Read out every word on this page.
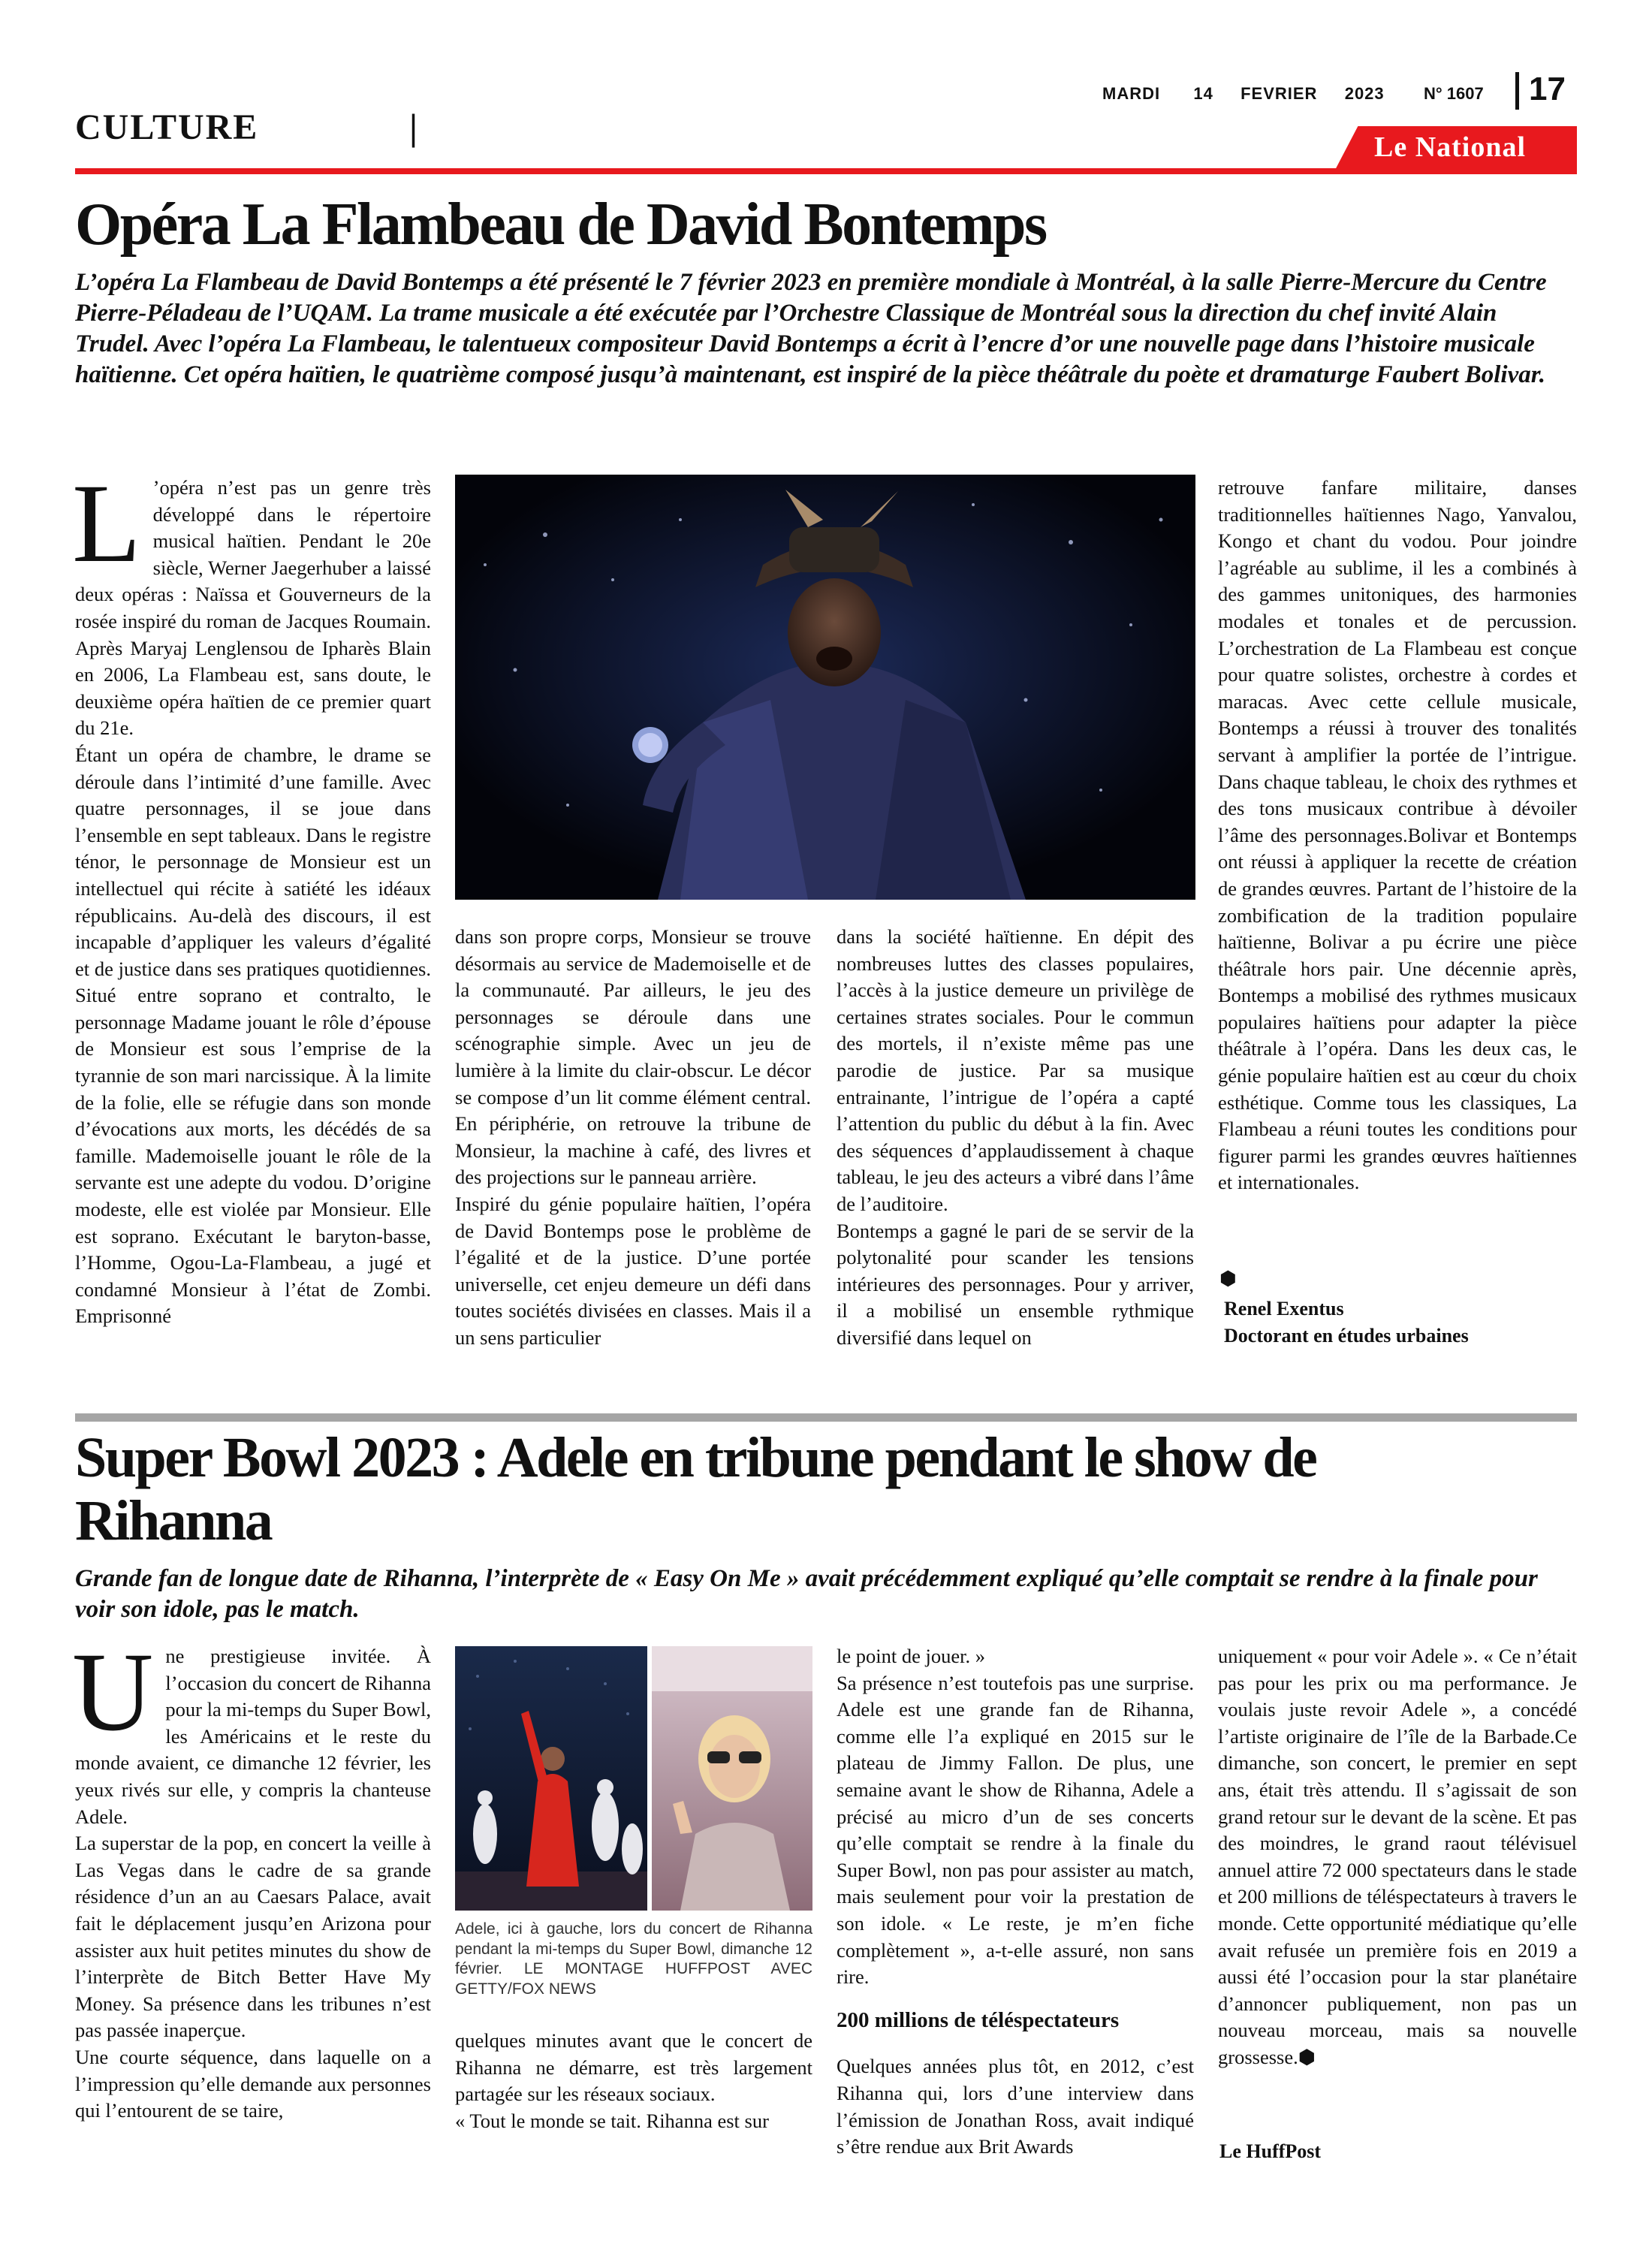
MARDI 14 FEVRIER 2023 N° 1607 17
CULTURE	|	Le National
Opéra La Flambeau de David Bontemps
L’opéra La Flambeau de David Bontemps a été présenté le 7 février 2023 en première mondiale à Montréal, à la salle Pierre-Mercure du Centre Pierre-Péladeau de l’UQAM. La trame musicale a été exécutée par l’Orchestre Classique de Montréal sous la direction du chef invité Alain Trudel. Avec l’opéra La Flambeau, le talentueux compositeur David Bontemps a écrit à l’encre d’or une nouvelle page dans l’histoire musicale haïtienne. Cet opéra haïtien, le quatrième composé jusqu’à maintenant, est inspiré de la pièce théâtrale du poète et dramaturge Faubert Bolivar.

L ’opéra n’est pas un genre très développé dans le répertoire musical haïtien. Pendant le 20e siècle, Werner Jaegerhuber a laissé deux opéras : Naïssa et Gouverneurs de la rosée inspiré du roman de Jacques Roumain. Après Maryaj Lenglensou de Ipharès Blain en 2006, La Flambeau est, sans doute, le deuxième opéra haïtien de ce premier quart du 21e.

Étant un opéra de chambre, le drame se déroule dans l’intimité d’une famille. Avec quatre personnages, il se joue dans l’ensemble en sept tableaux. Dans le registre ténor, le personnage de Monsieur est un intellectuel qui récite à satiété les idéaux républicains. Au-delà des discours, il est incapable d’appliquer les valeurs d’égalité et de justice dans ses pratiques quotidiennes. Situé entre soprano et contralto, le personnage Madame jouant le rôle d’épouse de Monsieur est sous l’emprise de la tyrannie de son mari narcissique. À la limite de la folie, elle se réfugie dans son monde d’évocations aux morts, les décédés de sa famille. Mademoiselle jouant le rôle de la servante est une adepte du vodou. D’origine modeste, elle est violée par Monsieur. Elle est soprano. Exécutant le baryton-basse, l’Homme, Ogou-La-Flambeau, a jugé et condamné Monsieur à l’état de Zombi. Emprisonné

dans son propre corps, Monsieur se trouve désormais au service de Mademoiselle et de la communauté. Par ailleurs, le jeu des personnages se déroule dans une scénographie simple. Avec un jeu de lumière à la limite du clair-obscur. Le décor se compose d’un lit comme élément central. En périphérie, on retrouve la tribune de Monsieur, la machine à café, des livres et des projections sur le panneau arrière.

Inspiré du génie populaire haïtien, l’opéra de David Bontemps pose le problème de l’égalité et de la justice. D’une portée universelle, cet enjeu demeure un défi dans toutes sociétés divisées en classes. Mais il a un sens particulier

dans la société haïtienne. En dépit des nombreuses luttes des classes populaires, l’accès à la justice demeure un privilège de certaines strates sociales. Pour le commun des mortels, il n’existe même pas une parodie de justice. Par sa musique entrainante, l’intrigue de l’opéra a capté l’attention du public du début à la fin. Avec des séquences d’applaudissement à chaque tableau, le jeu des acteurs a vibré dans l’âme de l’auditoire.

Bontemps a gagné le pari de se servir de la polytonalité pour scander les tensions intérieures des personnages. Pour y arriver, il a mobilisé un ensemble rythmique diversifié dans lequel on

retrouve fanfare militaire, danses traditionnelles haïtiennes Nago, Yanvalou, Kongo et chant du vodou. Pour joindre l’agréable au sublime, il les a combinés à des gammes unitoniques, des harmonies modales et tonales et de percussion. L’orchestration de La Flambeau est conçue pour quatre solistes, orchestre à cordes et maracas. Avec cette cellule musicale, Bontemps a réussi à trouver des tonalités servant à amplifier la portée de l’intrigue. Dans chaque tableau, le choix des rythmes et des tons musicaux contribue à dévoiler l’âme des personnages.Bolivar et Bontemps ont réussi à appliquer la recette de création de grandes œuvres. Partant de l’histoire de la zombification de la tradition populaire haïtienne, Bolivar a pu écrire une pièce théâtrale hors pair. Une décennie après, Bontemps a mobilisé des rythmes musicaux populaires haïtiens pour adapter la pièce théâtrale à l’opéra. Dans les deux cas, le génie populaire haïtien est au cœur du choix esthétique. Comme tous les classiques, La Flambeau a réuni toutes les conditions pour figurer parmi les grandes œuvres haïtiennes et internationales.

⬢
Renel Exentus
Doctorant en études urbaines
Super Bowl 2023 : Adele en tribune pendant le show de
Rihanna
Grande fan de longue date de Rihanna, l’interprète de « Easy On Me » avait précédemment expliqué qu’elle comptait se rendre à la finale pour voir son idole, pas le match.

Une prestigieuse invitée. À l’occasion du concert de Rihanna pour la mi-temps du Super Bowl, les Américains et le reste du monde avaient, ce dimanche 12 février, les yeux rivés sur elle, y compris la chanteuse Adele.

La superstar de la pop, en concert la veille à Las Vegas dans le cadre de sa grande résidence d’un an au Caesars Palace, avait fait le déplacement jusqu’en Arizona pour assister aux huit petites minutes du show de l’interprète de Bitch Better Have My Money. Sa présence dans les tribunes n’est pas passée inaperçue.

Une courte séquence, dans laquelle on a l’impression qu’elle demande aux personnes qui l’entourent de se taire,

Adele, ici à gauche, lors du concert de Rihanna pendant la mi-temps du Super Bowl, dimanche 12 février. LE MONTAGE HUFFPOST AVEC GETTY/FOX NEWS

quelques minutes avant que le concert de Rihanna ne démarre, est très largement partagée sur les réseaux sociaux.

« Tout le monde se tait. Rihanna est sur

le point de jouer. »

Sa présence n’est toutefois pas une surprise. Adele est une grande fan de Rihanna, comme elle l’a expliqué en 2015 sur le plateau de Jimmy Fallon. De plus, une semaine avant le show de Rihanna, Adele a précisé au micro d’un de ses concerts qu’elle comptait se rendre à la finale du Super Bowl, non pas pour assister au match, mais seulement pour voir la prestation de son idole. « Le reste, je m’en fiche complètement », a-t-elle assuré, non sans rire.

200 millions de téléspectateurs

Quelques années plus tôt, en 2012, c’est Rihanna qui, lors d’une interview dans l’émission de Jonathan Ross, avait indiqué s’être rendue aux Brit Awards

uniquement « pour voir Adele ». « Ce n’était pas pour les prix ou ma performance. Je voulais juste revoir Adele », a concédé l’artiste originaire de l’île de la Barbade.Ce dimanche, son concert, le premier en sept ans, était très attendu. Il s’agissait de son grand retour sur le devant de la scène. Et pas des moindres, le grand raout télévisuel annuel attire 72 000 spectateurs dans le stade et 200 millions de téléspectateurs à travers le monde. Cette opportunité médiatique qu’elle avait refusée un première fois en 2019 a aussi été l’occasion pour la star planétaire d’annoncer publiquement, non pas un nouveau morceau, mais sa nouvelle grossesse.⬢

Le HuffPost
